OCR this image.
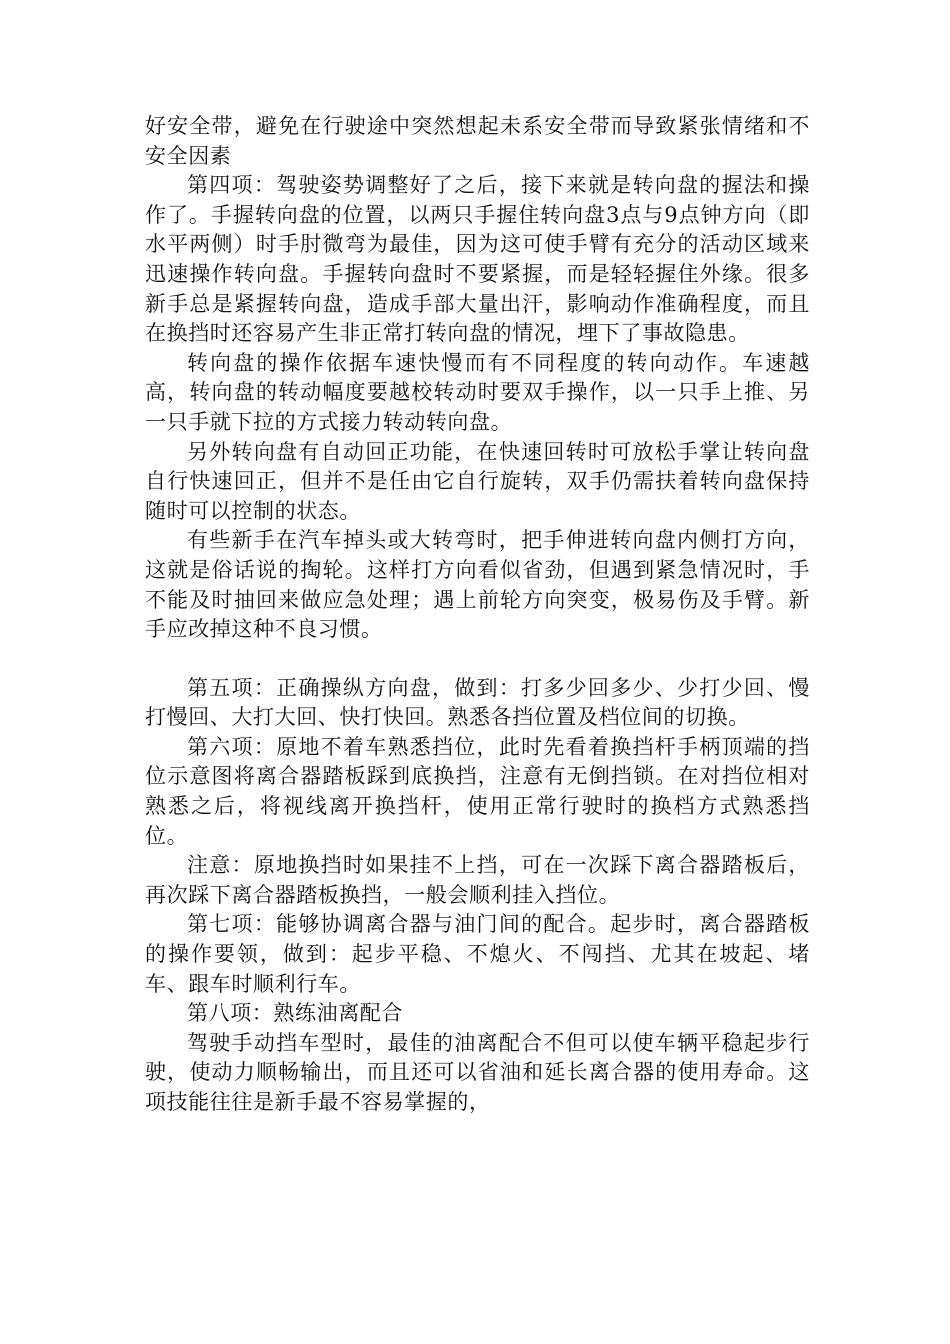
好安全带，避免在行驶途中突然想起未系安全带而导致紧张情绪和不安全因素

第四项：驾驶姿势调整好了之后，接下来就是转向盘的握法和操作了。手握转向盘的位置，以两只手握住转向盘3点与9点钟方向（即水平两侧）时手肘微弯为最佳，因为这可使手臂有充分的活动区域来迅速操作转向盘。手握转向盘时不要紧握，而是轻轻握住外缘。很多新手总是紧握转向盘，造成手部大量出汗，影响动作准确程度，而且在换挡时还容易产生非正常打转向盘的情况，埋下了事故隐患。

转向盘的操作依据车速快慢而有不同程度的转向动作。车速越高，转向盘的转动幅度要越校转动时要双手操作，以一只手上推、另一只手就下拉的方式接力转动转向盘。

另外转向盘有自动回正功能，在快速回转时可放松手掌让转向盘自行快速回正，但并不是任由它自行旋转，双手仍需扶着转向盘保持随时可以控制的状态。

有些新手在汽车掉头或大转弯时，把手伸进转向盘内侧打方向，这就是俗话说的掏轮。这样打方向看似省劲，但遇到紧急情况时，手不能及时抽回来做应急处理；遇上前轮方向突变，极易伤及手臂。新手应改掉这种不良习惯。

第五项：正确操纵方向盘，做到：打多少回多少、少打少回、慢打慢回、大打大回、快打快回。熟悉各挡位置及档位间的切换。

第六项：原地不着车熟悉挡位，此时先看着换挡杆手柄顶端的挡位示意图将离合器踏板踩到底换挡，注意有无倒挡锁。在对挡位相对熟悉之后，将视线离开换挡杆，使用正常行驶时的换档方式熟悉挡位。

注意：原地换挡时如果挂不上挡，可在一次踩下离合器踏板后，再次踩下离合器踏板换挡，一般会顺利挂入挡位。

第七项：能够协调离合器与油门间的配合。起步时，离合器踏板的操作要领，做到：起步平稳、不熄火、不闯挡、尤其在坡起、堵车、跟车时顺利行车。

第八项：熟练油离配合

驾驶手动挡车型时，最佳的油离配合不但可以使车辆平稳起步行驶，使动力顺畅输出，而且还可以省油和延长离合器的使用寿命。这项技能往往是新手最不容易掌握的，
